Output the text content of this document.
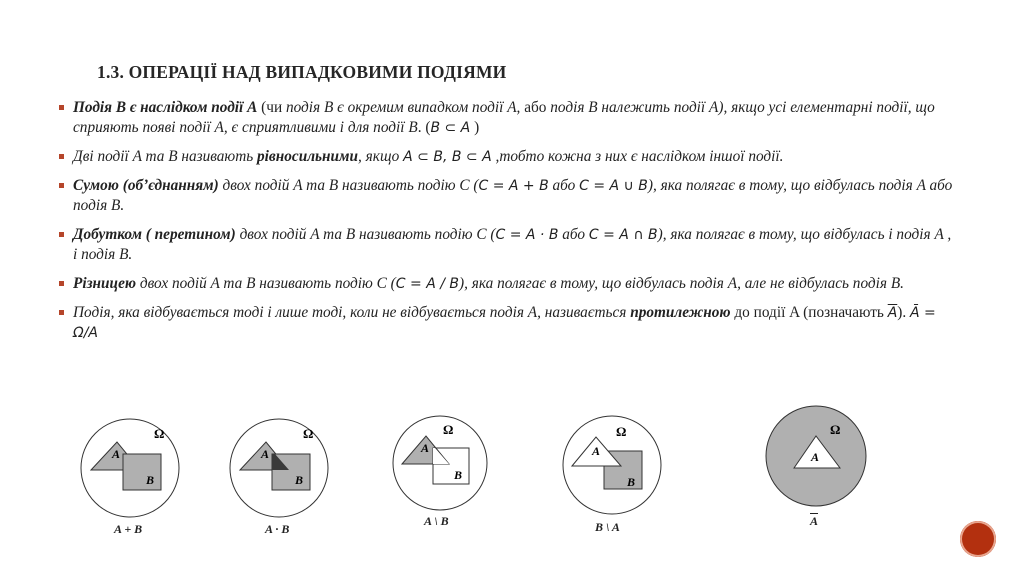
1.3. ОПЕРАЦІЇ НАД ВИПАДКОВИМИ ПОДІЯМИ
Подія B є наслідком події A (чи подія B є окремим випадком події A, або подія B належить події A), якщо усі елементарні події, що сприяють появі події A, є сприятливими і для події B. (B ⊂ A )
Дві події A та B називають рівносильними, якщо A ⊂ B, B ⊂ A ,тобто кожна з них є наслідком іншої події.
Сумою (об’єднанням) двох подій A та B називають подію C (C = A + B або C = A ∪ B), яка полягає в тому, що відбулась подія A або подія B.
Добутком ( перетином) двох подій A та B називають подію C (C = A · B або C = A ∩ B), яка полягає в тому, що відбулась і подія A , і подія B.
Різницею двох подій A та B називають подію C (C = A / B), яка полягає в тому, що відбулась подія A, але не відбулась подія B.
Подія, яка відбувається тоді і лише тоді, коли не відбувається подія A, називається протилежною до події A (позначають $\overline{A}$). Ā = Ω/A
Ω
A
B
A + B
Ω
A
B
A · B
Ω
A
B
A \ B
Ω
A
B
B \ A
Ω
A
$\overline{A}$
